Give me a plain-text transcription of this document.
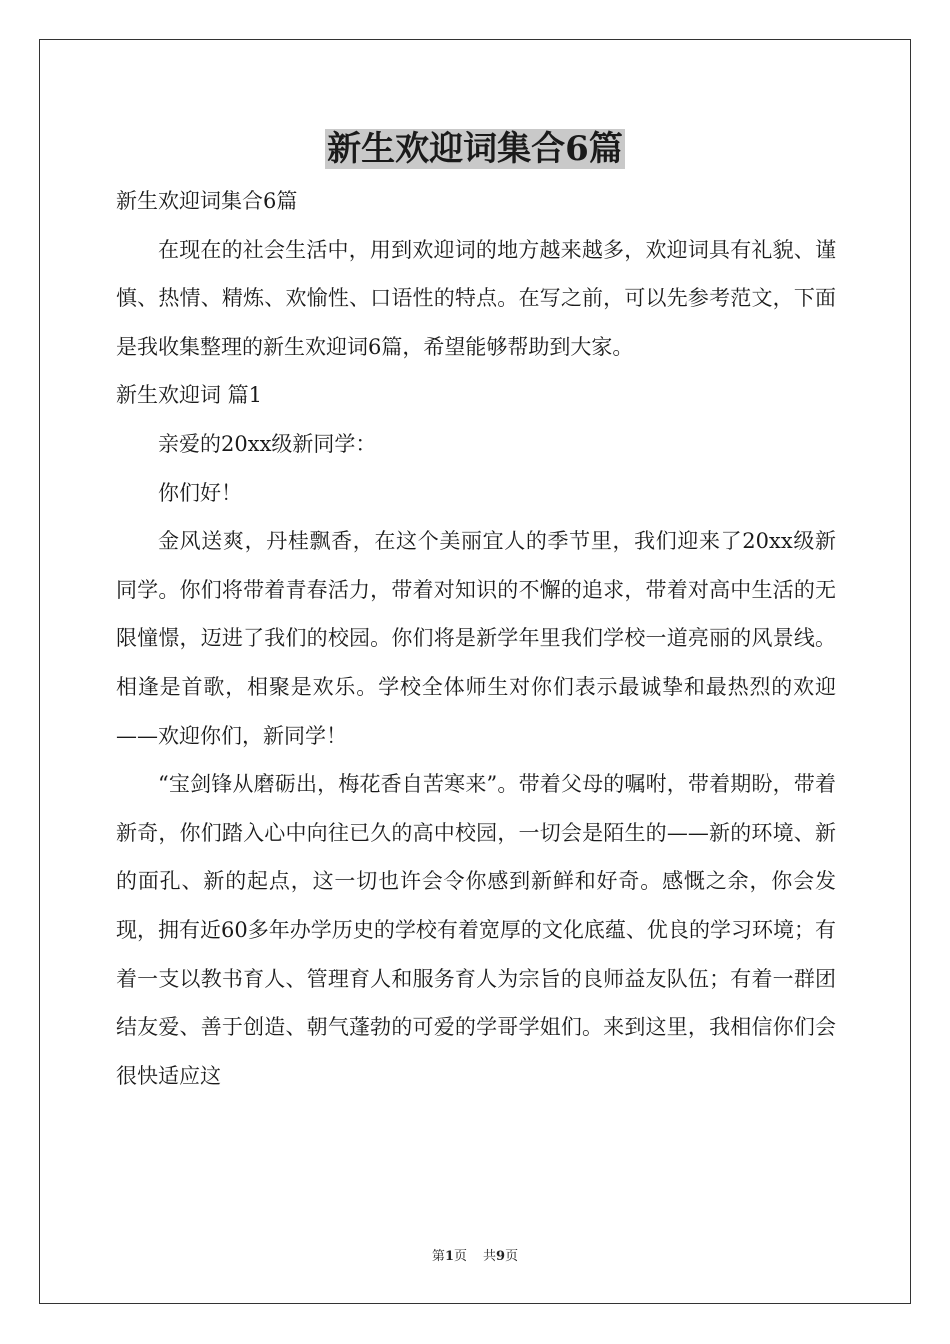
新生欢迎词集合6篇

新生欢迎词集合6篇

在现在的社会生活中，用到欢迎词的地方越来越多，欢迎词具有礼貌、谨慎、热情、精炼、欢愉性、口语性的特点。在写之前，可以先参考范文，下面是我收集整理的新生欢迎词6篇，希望能够帮助到大家。

新生欢迎词 篇1

亲爱的20xx级新同学：

你们好！

金风送爽，丹桂飘香，在这个美丽宜人的季节里，我们迎来了20xx级新同学。你们将带着青春活力，带着对知识的不懈的追求，带着对高中生活的无限憧憬，迈进了我们的校园。你们将是新学年里我们学校一道亮丽的风景线。相逢是首歌，相聚是欢乐。学校全体师生对你们表示最诚挚和最热烈的欢迎——欢迎你们，新同学！

“宝剑锋从磨砺出，梅花香自苦寒来”。带着父母的嘱咐，带着期盼，带着新奇，你们踏入心中向往已久的高中校园，一切会是陌生的——新的环境、新的面孔、新的起点，这一切也许会令你感到新鲜和好奇。感慨之余，你会发现，拥有近60多年办学历史的学校有着宽厚的文化底蕴、优良的学习环境；有着一支以教书育人、管理育人和服务育人为宗旨的良师益友队伍；有着一群团结友爱、善于创造、朝气蓬勃的可爱的学哥学姐们。来到这里，我相信你们会很快适应这

第1页 共9页
